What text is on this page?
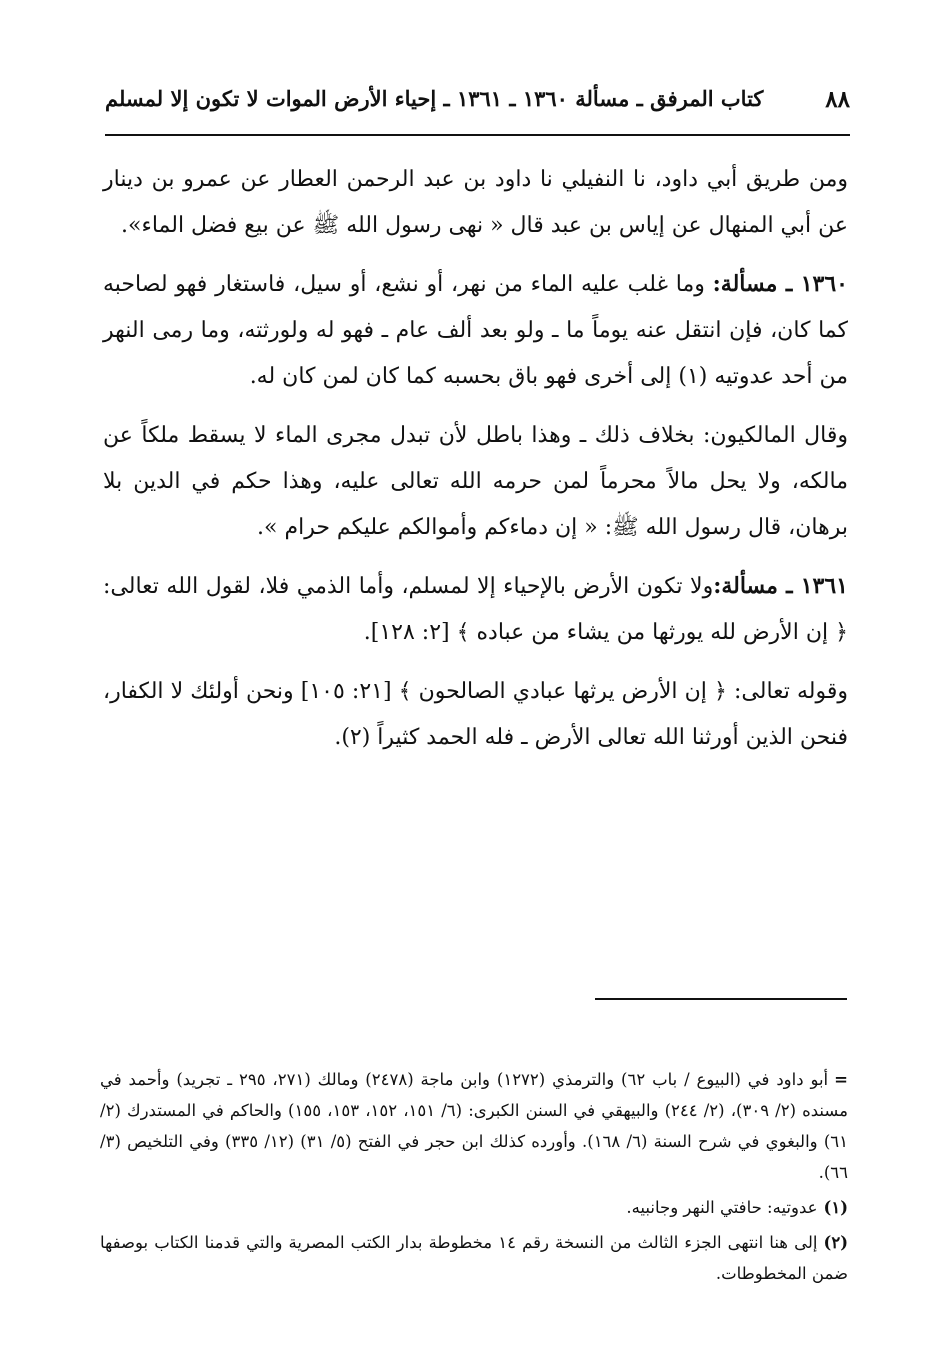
٨٨
كتاب المرفق ـ مسألة ١٣٦٠ ـ ١٣٦١ ـ إحياء الأرض الموات لا تكون إلا لمسلم

ومن طريق أبي داود، نا النفيلي نا داود بن عبد الرحمن العطار عن عمرو بن دينار عن أبي المنهال عن إياس بن عبد قال « نهى رسول الله ﷺ عن بيع فضل الماء».

١٣٦٠ ـ مسألة: وما غلب عليه الماء من نهر، أو نشع، أو سيل، فاستغار فهو لصاحبه كما كان، فإن انتقل عنه يوماً ما ـ ولو بعد ألف عام ـ فهو له ولورثته، وما رمى النهر من أحد عدوتيه (١) إلى أخرى فهو باق بحسبه كما كان لمن كان له.

وقال المالكيون: بخلاف ذلك ـ وهذا باطل لأن تبدل مجرى الماء لا يسقط ملكاً عن مالكه، ولا يحل مالاً محرماً لمن حرمه الله تعالى عليه، وهذا حكم في الدين بلا برهان، قال رسول الله ﷺ: « إن دماءكم وأموالكم عليكم حرام ».

١٣٦١ ـ مسألة:ولا تكون الأرض بالإحياء إلا لمسلم، وأما الذمي فلا، لقول الله تعالى: ﴿ إن الأرض لله يورثها من يشاء من عباده ﴾ [٢: ١٢٨].

وقوله تعالى: ﴿ إن الأرض يرثها عبادي الصالحون ﴾ [٢١: ١٠٥] ونحن أولئك لا الكفار، فنحن الذين أورثنا الله تعالى الأرض ـ فله الحمد كثيراً (٢).

=أبو داود في (البيوع / باب ٦٢) والترمذي (١٢٧٢) وابن ماجة (٢٤٧٨) ومالك (٢٧١، ٢٩٥ ـ تجريد) وأحمد في مسنده (٢/ ٣٠٩)، (٢/ ٢٤٤) والبيهقي في السنن الكبرى: (٦/ ١٥١، ١٥٢، ١٥٣، ١٥٥) والحاكم في المستدرك (٢/ ٦١) والبغوي في شرح السنة (٦/ ١٦٨). وأورده كذلك ابن حجر في الفتح (٥/ ٣١) (١٢/ ٣٣٥) وفي التلخيص (٣/ ٦٦).

(١)عدوتيه: حافتي النهر وجانبيه.

(٢)إلى هنا انتهى الجزء الثالث من النسخة رقم ١٤ مخطوطة بدار الكتب المصرية والتي قدمنا الكتاب بوصفها ضمن المخطوطات.
